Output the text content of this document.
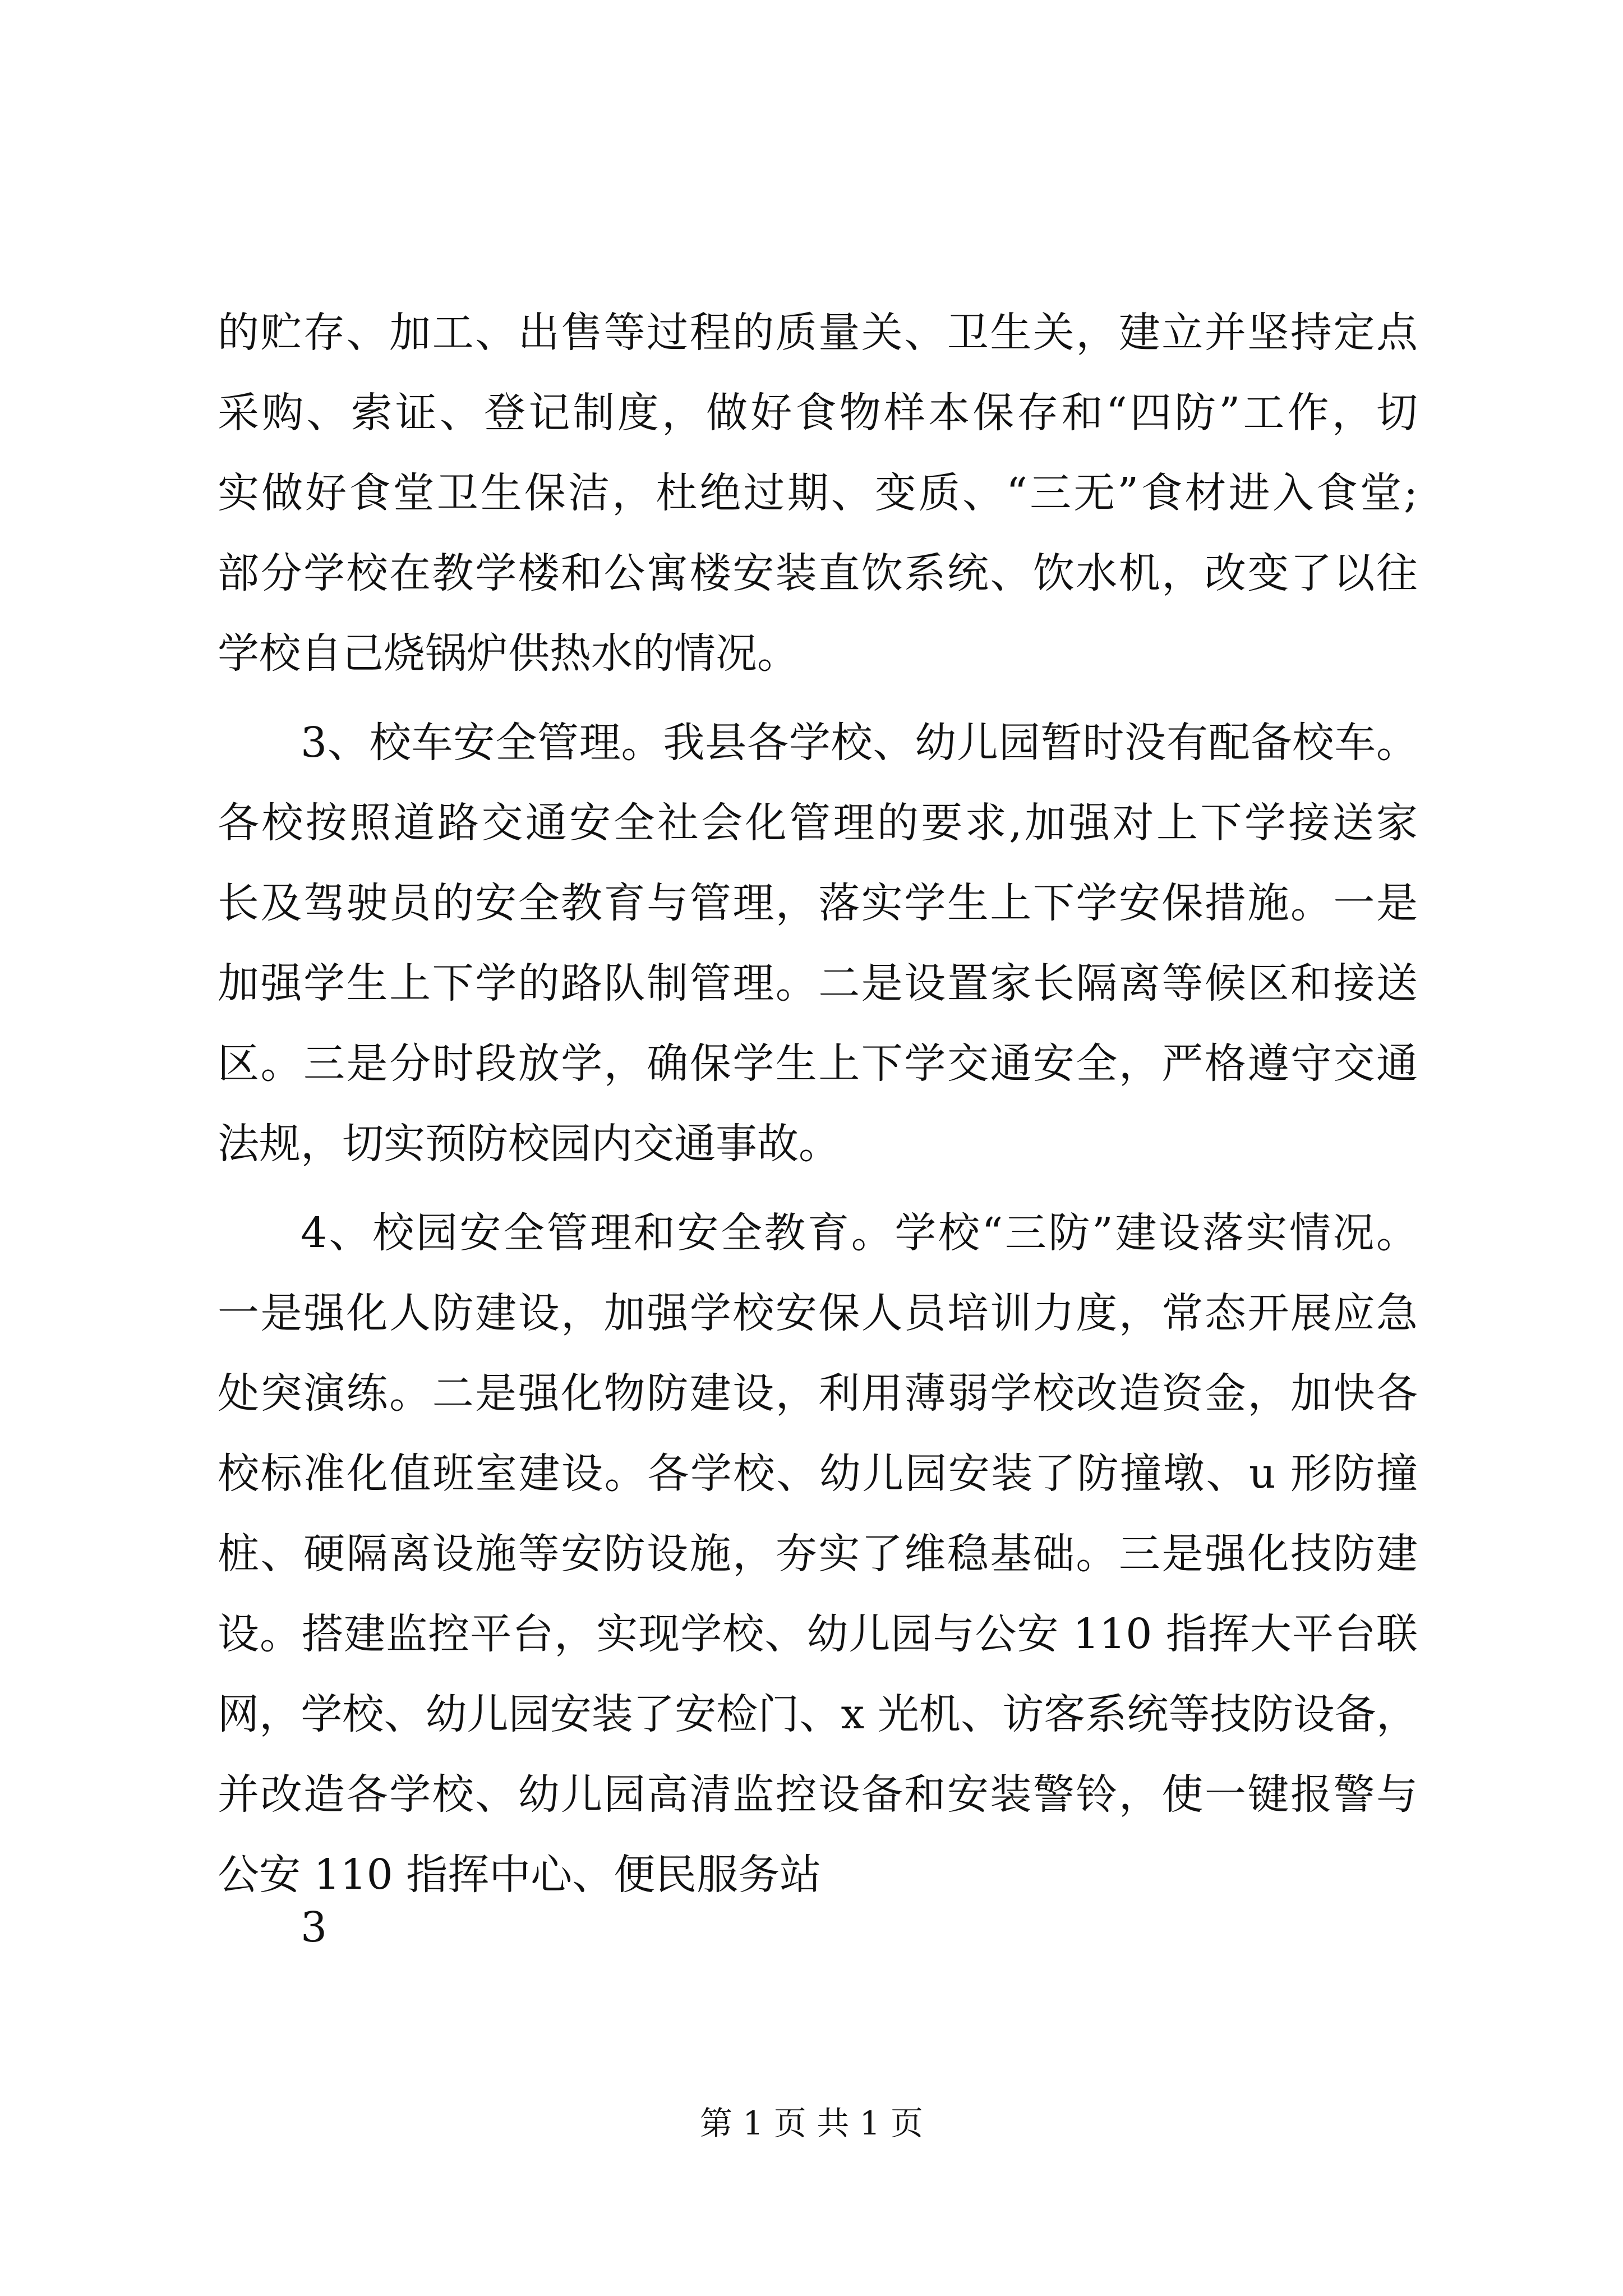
的贮存、加工、出售等过程的质量关、卫生关，建立并坚持定点
采购、索证、登记制度，做好食物样本保存和“四防”工作，切
实做好食堂卫生保洁，杜绝过期、变质、“三无”食材进入食堂;
部分学校在教学楼和公寓楼安装直饮系统、饮水机，改变了以往
学校自己烧锅炉供热水的情况。
3、校车安全管理。我县各学校、幼儿园暂时没有配备校车。
各校按照道路交通安全社会化管理的要求,加强对上下学接送家
长及驾驶员的安全教育与管理，落实学生上下学安保措施。一是
加强学生上下学的路队制管理。二是设置家长隔离等候区和接送
区。三是分时段放学，确保学生上下学交通安全，严格遵守交通
法规，切实预防校园内交通事故。
4、校园安全管理和安全教育。学校“三防”建设落实情况。
一是强化人防建设，加强学校安保人员培训力度，常态开展应急
处突演练。二是强化物防建设，利用薄弱学校改造资金，加快各
校标准化值班室建设。各学校、幼儿园安装了防撞墩、u 形防撞
桩、硬隔离设施等安防设施，夯实了维稳基础。三是强化技防建
设。搭建监控平台，实现学校、幼儿园与公安 110 指挥大平台联
网，学校、幼儿园安装了安检门、x 光机、访客系统等技防设备，
并改造各学校、幼儿园高清监控设备和安装警铃，使一键报警与
公安 110 指挥中心、便民服务站
3
第 1 页 共 1 页
